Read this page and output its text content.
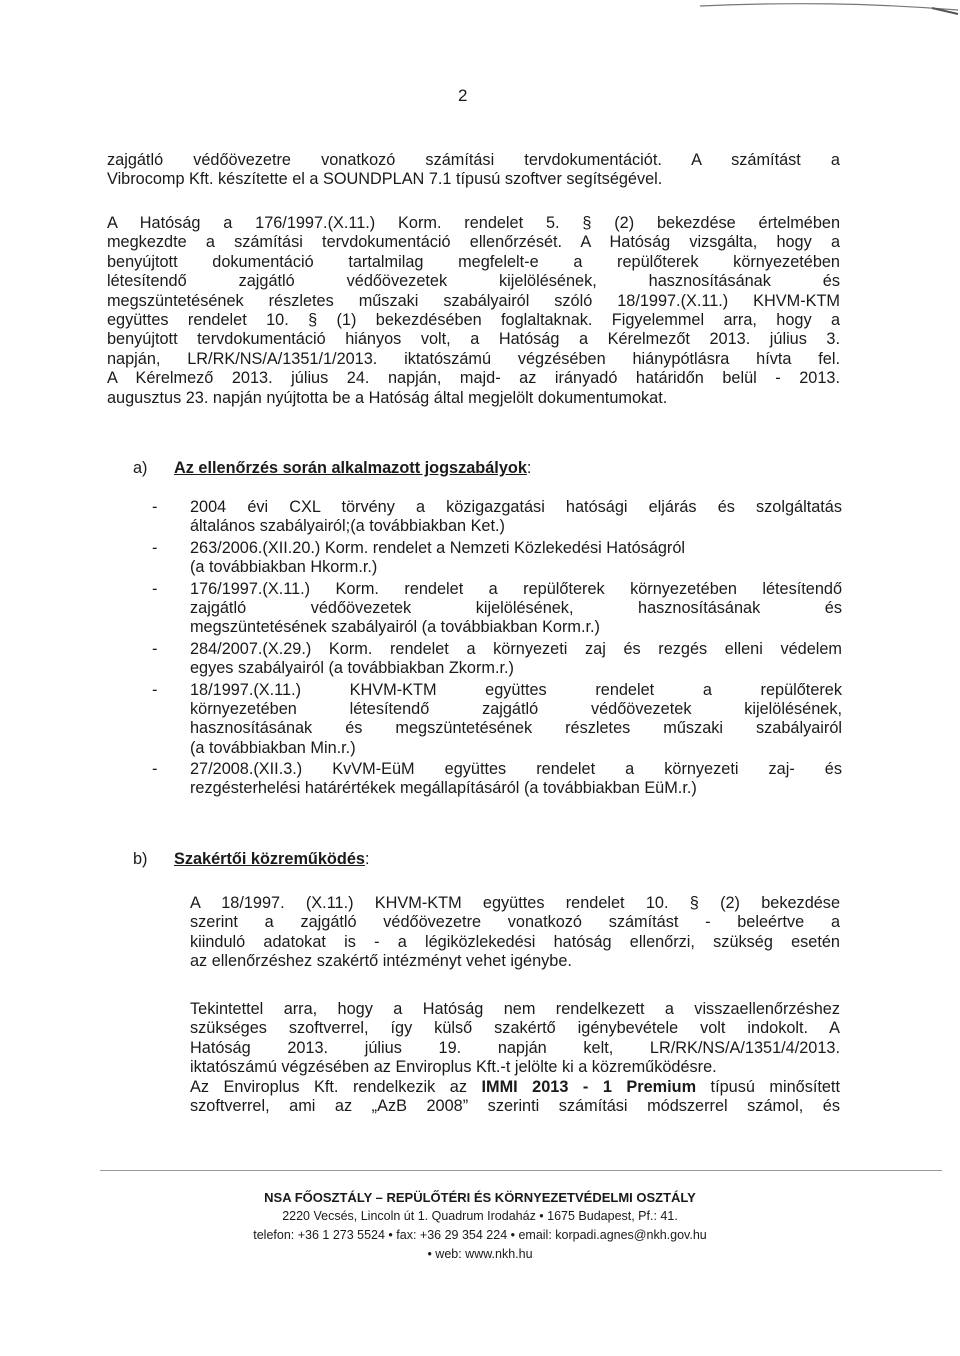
2
zajgátló védőövezetre vonatkozó számítási tervdokumentációt. A számítást a
Vibrocomp Kft. készítette el a SOUNDPLAN 7.1 típusú szoftver segítségével.
A Hatóság a 176/1997.(X.11.) Korm. rendelet 5. § (2) bekezdése értelmében
megkezdte a számítási tervdokumentáció ellenőrzését. A Hatóság vizsgálta, hogy a
benyújtott dokumentáció tartalmilag megfelelt-e a repülőterek környezetében
létesítendő zajgátló védőövezetek kijelölésének, hasznosításának és
megszüntetésének részletes műszaki szabályairól szóló 18/1997.(X.11.) KHVM-KTM
együttes rendelet 10. § (1) bekezdésében foglaltaknak. Figyelemmel arra, hogy a
benyújtott tervdokumentáció hiányos volt, a Hatóság a Kérelmezőt 2013. július 3.
napján, LR/RK/NS/A/1351/1/2013. iktatószámú végzésében hiánypótlásra hívta fel.
A Kérelmező 2013. július 24. napján, majd- az irányadó határidőn belül - 2013.
augusztus 23. napján nyújtotta be a Hatóság által megjelölt dokumentumokat.
a) Az ellenőrzés során alkalmazott jogszabályok:
- 2004 évi CXL törvény a közigazgatási hatósági eljárás és szolgáltatás
általános szabályairól;(a továbbiakban Ket.)
- 263/2006.(XII.20.) Korm. rendelet a Nemzeti Közlekedési Hatóságról
(a továbbiakban Hkorm.r.)
- 176/1997.(X.11.) Korm. rendelet a repülőterek környezetében létesítendő
zajgátló védőövezetek kijelölésének, hasznosításának és
megszüntetésének szabályairól (a továbbiakban Korm.r.)
- 284/2007.(X.29.) Korm. rendelet a környezeti zaj és rezgés elleni védelem
egyes szabályairól (a továbbiakban Zkorm.r.)
- 18/1997.(X.11.) KHVM-KTM együttes rendelet a repülőterek
környezetében létesítendő zajgátló védőövezetek kijelölésének,
hasznosításának és megszüntetésének részletes műszaki szabályairól
(a továbbiakban Min.r.)
- 27/2008.(XII.3.) KvVM-EüM együttes rendelet a környezeti zaj- és
rezgésterhelési határértékek megállapításáról (a továbbiakban EüM.r.)
b) Szakértői közreműködés:
A 18/1997. (X.11.) KHVM-KTM együttes rendelet 10. § (2) bekezdése
szerint a zajgátló védőövezetre vonatkozó számítást - beleértve a
kiinduló adatokat is - a légiközlekedési hatóság ellenőrzi, szükség esetén
az ellenőrzéshez szakértő intézményt vehet igénybe.
Tekintettel arra, hogy a Hatóság nem rendelkezett a visszaellenőrzéshez
szükséges szoftverrel, így külső szakértő igénybevétele volt indokolt. A
Hatóság 2013. július 19. napján kelt, LR/RK/NS/A/1351/4/2013.
iktatószámú végzésében az Enviroplus Kft.-t jelölte ki a közreműködésre.
Az Enviroplus Kft. rendelkezik az IMMI 2013 - 1 Premium típusú minősített
szoftverrel, ami az „AzB 2008” szerinti számítási módszerrel számol, és
NSA FŐOSZTÁLY – REPÜLŐTÉRI ÉS KÖRNYEZETVÉDELMI OSZTÁLY
2220 Vecsés, Lincoln út 1. Quadrum Irodaház • 1675 Budapest, Pf.: 41.
telefon: +36 1 273 5524 • fax: +36 29 354 224 • email: korpadi.agnes@nkh.gov.hu
• web: www.nkh.hu
